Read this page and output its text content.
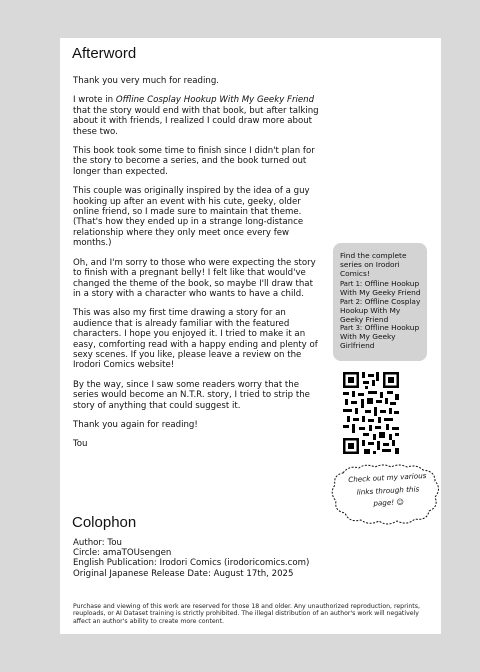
Afterword

Thank you very much for reading.

I wrote in Offline Cosplay Hookup With My Geeky Friend that the story would end with that book, but after talking about it with friends, I realized I could draw more about these two.

This book took some time to finish since I didn't plan for the story to become a series, and the book turned out longer than expected.

This couple was originally inspired by the idea of a guy hooking up after an event with his cute, geeky, older online friend, so I made sure to maintain that theme. (That's how they ended up in a strange long-distance relationship where they only meet once every few months.)

Oh, and I'm sorry to those who were expecting the story to finish with a pregnant belly! I felt like that would've changed the theme of the book, so maybe I'll draw that in a story with a character who wants to have a child.

This was also my first time drawing a story for an audience that is already familiar with the featured characters. I hope you enjoyed it. I tried to make it an easy, comforting read with a happy ending and plenty of sexy scenes. If you like, please leave a review on the Irodori Comics website!

By the way, since I saw some readers worry that the series would become an N.T.R. story, I tried to strip the story of anything that could suggest it.

Thank you again for reading!

Tou

Find the complete series on Irodori Comics!
Part 1: Offline Hookup With My Geeky Friend
Part 2: Offline Cosplay Hookup With My Geeky Friend
Part 3: Offline Hookup With My Geeky Girlfriend
Check out my various links through this page! ☺
Colophon
Author: Tou
Circle: amaTOUsengen
English Publication: Irodori Comics (irodoricomics.com)
Original Japanese Release Date: August 17th, 2025
Purchase and viewing of this work are reserved for those 18 and older. Any unauthorized reproduction, reprints, reuploads, or AI Dataset training is strictly prohibited. The illegal distribution of an author's work will negatively affect an author's ability to create more content.
